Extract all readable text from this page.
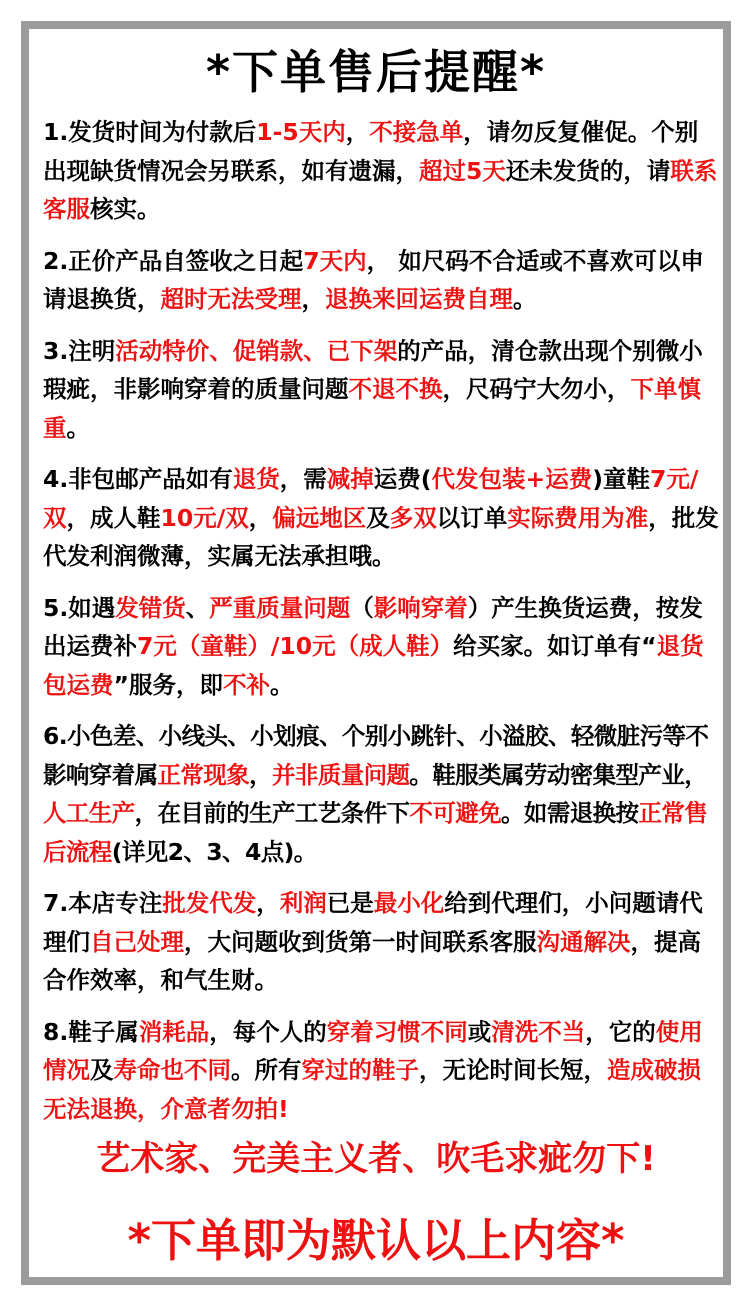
*下单售后提醒*
1.发货时间为付款后1-5天内，不接急单，请勿反复催促。个别出现缺货情况会另联系，如有遗漏，超过5天还未发货的，请联系客服核实。
2.正价产品自签收之日起7天内， 如尺码不合适或不喜欢可以申请退换货，超时无法受理，退换来回运费自理。
3.注明活动特价、促销款、已下架的产品，清仓款出现个别微小瑕疵，非影响穿着的质量问题不退不换，尺码宁大勿小，下单慎重。
4.非包邮产品如有退货，需减掉运费(代发包装+运费)童鞋7元/双，成人鞋10元/双，偏远地区及多双以订单实际费用为准，批发代发利润微薄，实属无法承担哦。
5.如遇发错货、严重质量问题（影响穿着）产生换货运费，按发出运费补7元（童鞋）/10元（成人鞋）给买家。如订单有“退货包运费”服务，即不补。
6.小色差、小线头、小划痕、个别小跳针、小溢胶、轻微脏污等不影响穿着属正常现象，并非质量问题。鞋服类属劳动密集型产业，人工生产，在目前的生产工艺条件下不可避免。如需退换按正常售后流程(详见2、3、4点)。
7.本店专注批发代发，利润已是最小化给到代理们，小问题请代理们自己处理，大问题收到货第一时间联系客服沟通解决，提高合作效率，和气生财。
8.鞋子属消耗品，每个人的穿着习惯不同或清洗不当，它的使用情况及寿命也不同。所有穿过的鞋子，无论时间长短，造成破损无法退换，介意者勿拍!
艺术家、完美主义者、吹毛求疵勿下!
*下单即为默认以上内容*
